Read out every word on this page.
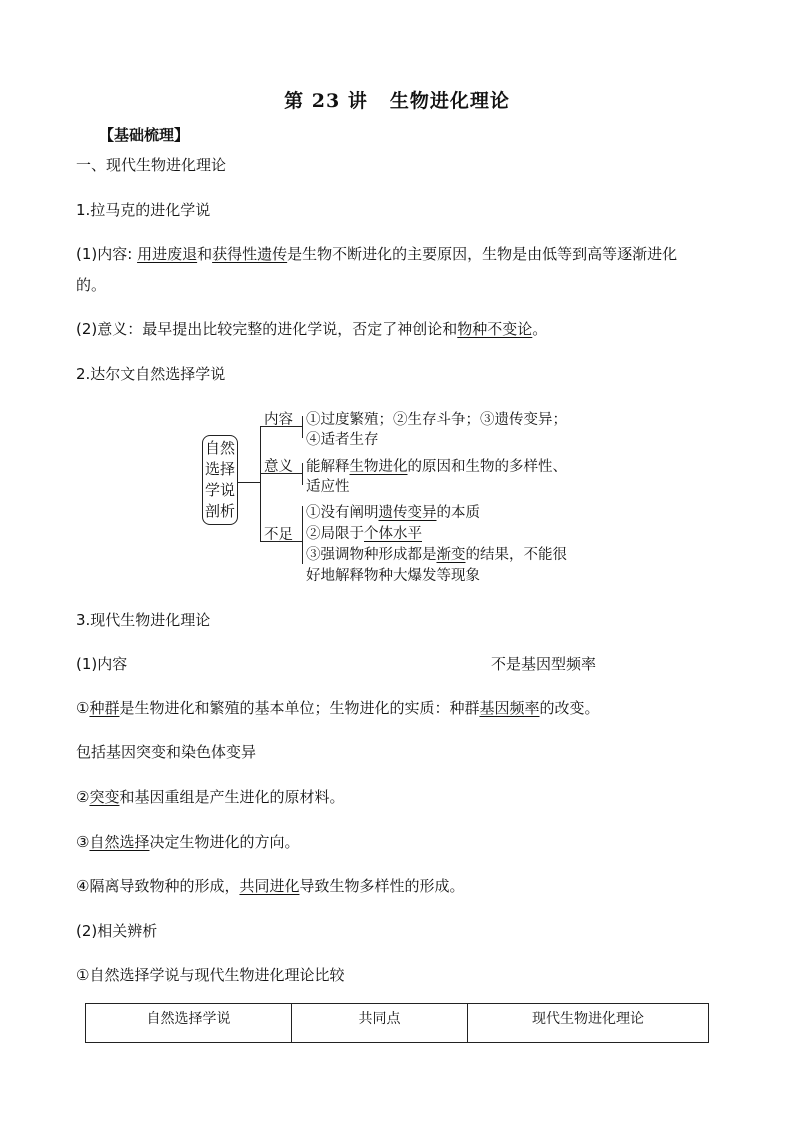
第 23 讲 生物进化理论
【基础梳理】
一、现代生物进化理论
1.拉马克的进化学说
(1)内容: 用进废退和获得性遗传是生物不断进化的主要原因，生物是由低等到高等逐渐进化
的。
(2)意义：最早提出比较完整的进化学说，否定了神创论和物种不变论。
2.达尔文自然选择学说
自然
选择
学说
剖析
内容 ①过度繁殖；②生存斗争；③遗传变异；
④适者生存
意义 能解释生物进化的原因和生物的多样性、
适应性
不足
①没有阐明遗传变异的本质
②局限于个体水平
③强调物种形成都是渐变的结果，不能很
好地解释物种大爆发等现象
3.现代生物进化理论
(1)内容	不是基因型频率
①种群是生物进化和繁殖的基本单位；生物进化的实质：种群基因频率的改变。
包括基因突变和染色体变异
②突变和基因重组是产生进化的原材料。
③自然选择决定生物进化的方向。
④隔离导致物种的形成，共同进化导致生物多样性的形成。
(2)相关辨析
①自然选择学说与现代生物进化理论比较
自然选择学说	共同点	现代生物进化理论
